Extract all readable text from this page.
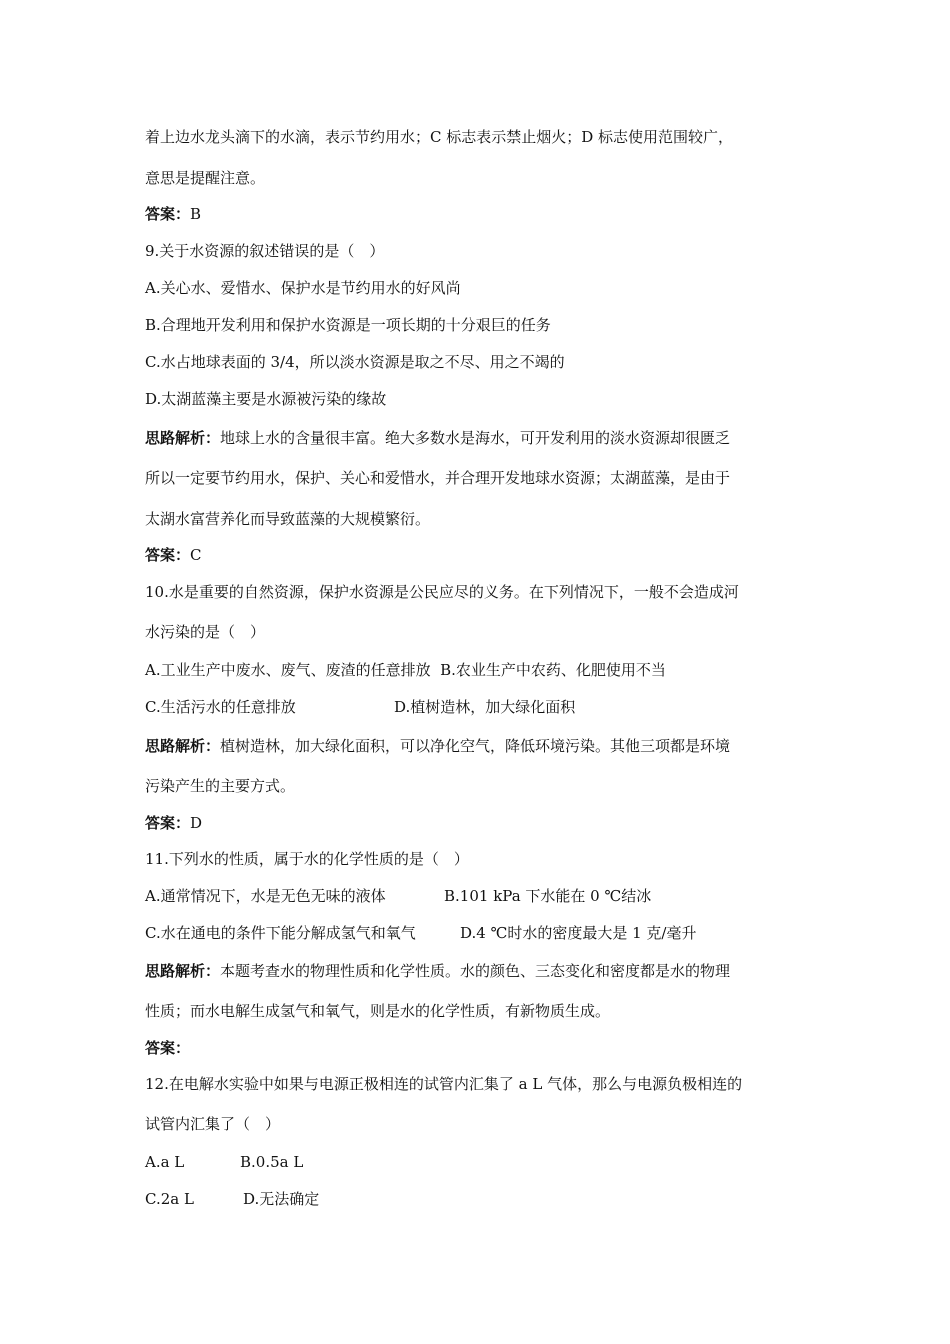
着上边水龙头滴下的水滴，表示节约用水；C 标志表示禁止烟火；D 标志使用范围较广，
意思是提醒注意。
答案：B
9.关于水资源的叙述错误的是（　）
A.关心水、爱惜水、保护水是节约用水的好风尚
B.合理地开发利用和保护水资源是一项长期的十分艰巨的任务
C.水占地球表面的 3/4，所以淡水资源是取之不尽、用之不竭的
D.太湖蓝藻主要是水源被污染的缘故
思路解析：地球上水的含量很丰富。绝大多数水是海水，可开发利用的淡水资源却很匮乏
所以一定要节约用水，保护、关心和爱惜水，并合理开发地球水资源；太湖蓝藻，是由于
太湖水富营养化而导致蓝藻的大规模繁衍。
答案：C
10.水是重要的自然资源，保护水资源是公民应尽的义务。在下列情况下，一般不会造成河
水污染的是（　）
A.工业生产中废水、废气、废渣的任意排放  B.农业生产中农药、化肥使用不当
C.生活污水的任意排放	D.植树造林，加大绿化面积
思路解析：植树造林，加大绿化面积，可以净化空气，降低环境污染。其他三项都是环境
污染产生的主要方式。
答案：D
11.下列水的性质，属于水的化学性质的是（　）
A.通常情况下，水是无色无味的液体	B.101 kPa 下水能在 0 ℃结冰
C.水在通电的条件下能分解成氢气和氧气	D.4 ℃时水的密度最大是 1 克/毫升
思路解析：本题考查水的物理性质和化学性质。水的颜色、三态变化和密度都是水的物理
性质；而水电解生成氢气和氧气，则是水的化学性质，有新物质生成。
答案：
12.在电解水实验中如果与电源正极相连的试管内汇集了 a L 气体，那么与电源负极相连的
试管内汇集了（　）
A.a L	B.0.5a L
C.2a L	D.无法确定
